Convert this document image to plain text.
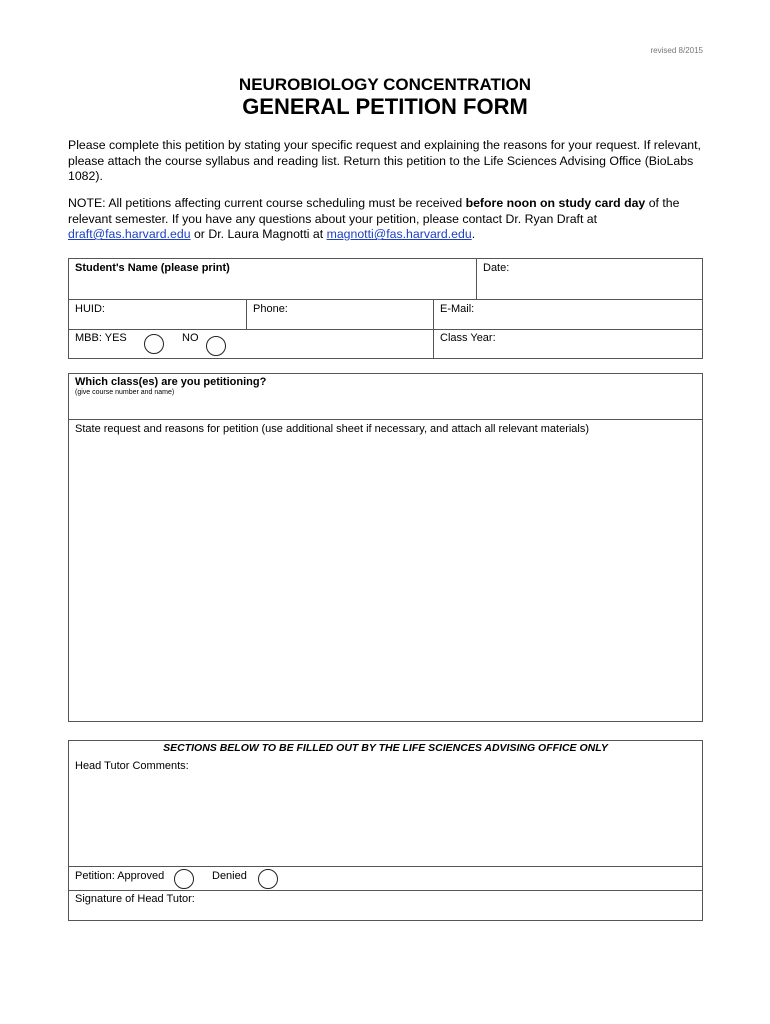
revised 8/2015
NEUROBIOLOGY CONCENTRATION
GENERAL PETITION FORM
Please complete this petition by stating your specific request and explaining the reasons for your request. If relevant, please attach the course syllabus and reading list. Return this petition to the Life Sciences Advising Office (BioLabs 1082).
NOTE: All petitions affecting current course scheduling must be received before noon on study card day of the relevant semester. If you have any questions about your petition, please contact Dr. Ryan Draft at draft@fas.harvard.edu or Dr. Laura Magnotti at magnotti@fas.harvard.edu.
Student's Name (please print)	Date:
HUID:	Phone:	E-Mail:
MBB: YES	NO	Class Year:
Which class(es) are you petitioning?
(give course number and name)
State request and reasons for petition (use additional sheet if necessary, and attach all relevant materials)
SECTIONS BELOW TO BE FILLED OUT BY THE LIFE SCIENCES ADVISING OFFICE ONLY
Head Tutor Comments:
Petition: Approved	Denied
Signature of Head Tutor:
